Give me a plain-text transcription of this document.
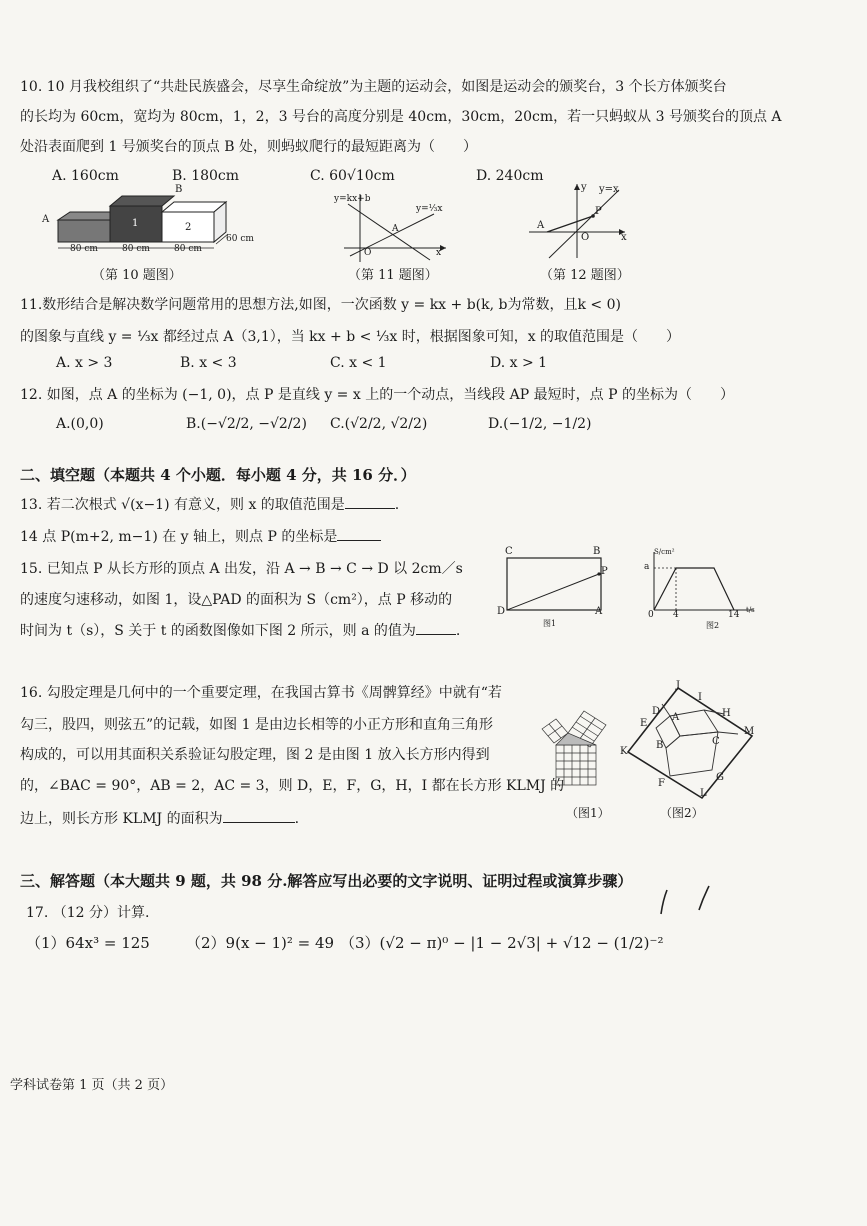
10. 10 月我校组织了“共赴民族盛会，尽享生命绽放”为主题的运动会，如图是运动会的颁奖台，3 个长方体颁奖台
的长均为 60cm，宽均为 80cm，1，2，3 号台的高度分别是 40cm，30cm，20cm，若一只蚂蚁从 3 号颁奖台的顶点 A
处沿表面爬到 1 号颁奖台的顶点 B 处，则蚂蚁爬行的最短距离为（　　）
A. 160cm	B. 180cm	C. 60√10cm	D. 240cm
A
B
80 cm	80 cm	80 cm
60 cm
2
1
（第 10 题图）
y=kx+b
y=⅓x
A
x
O
（第 11 题图）
y y=x
x
A
O
P
（第 12 题图）
11.数形结合是解决数学问题常用的思想方法,如图，一次函数 y = kx + b(k, b为常数，且k < 0)
的图象与直线 y = ⅓x 都经过点 A（3,1），当 kx + b < ⅓x 时，根据图象可知，x 的取值范围是（　　）
A. x > 3	B. x < 3	C. x < 1	D. x > 1
12. 如图，点 A 的坐标为 (−1, 0)，点 P 是直线 y = x 上的一个动点，当线段 AP 最短时，点 P 的坐标为（　　）
A.(0,0)	B.(−√2/2, −√2/2) C.(√2/2, √2/2)	D.(−1/2, −1/2)
二、填空题（本题共 4 个小题．每小题 4 分，共 16 分．）
13. 若二次根式 √(x−1) 有意义，则 x 的取值范围是	.
14 点 P(m+2, m−1) 在 y 轴上，则点 P 的坐标是
15. 已知点 P 从长方形的顶点 A 出发，沿 A → B → C → D 以 2cm／s
的速度匀速移动，如图 1，设△PAD 的面积为 S（cm²），点 P 移动的
时间为 t（s），S 关于 t 的函数图像如下图 2 所示，则 a 的值为	.
C	B
D	A
P
图1
S/cm²
a
0 4	14 t/s
图2
16. 勾股定理是几何中的一个重要定理，在我国古算书《周髀算经》中就有“若
勾三，股四，则弦五”的记载，如图 1 是由边长相等的小正方形和直角三角形
构成的，可以用其面积关系验证勾股定理，图 2 是由图 1 放入长方形内得到
的，∠BAC = 90°，AB = 2，AC = 3，则 D，E，F，G，H，I 都在长方形 KLMJ 的
边上，则长方形 KLMJ 的面积为	.	（图1）
J
I
D
A	H
E
M
B	C
K
F
G
L
（图2）
三、解答题（本大题共 9 题，共 98 分.解答应写出必要的文字说明、证明过程或演算步骤）
17. （12 分）计算.
（1）64x³ = 125 （2）9(x − 1)² = 49 （3）(√2 − π)⁰ − |1 − 2√3| + √12 − (1/2)⁻²
学科试卷第 1 页（共 2 页）
